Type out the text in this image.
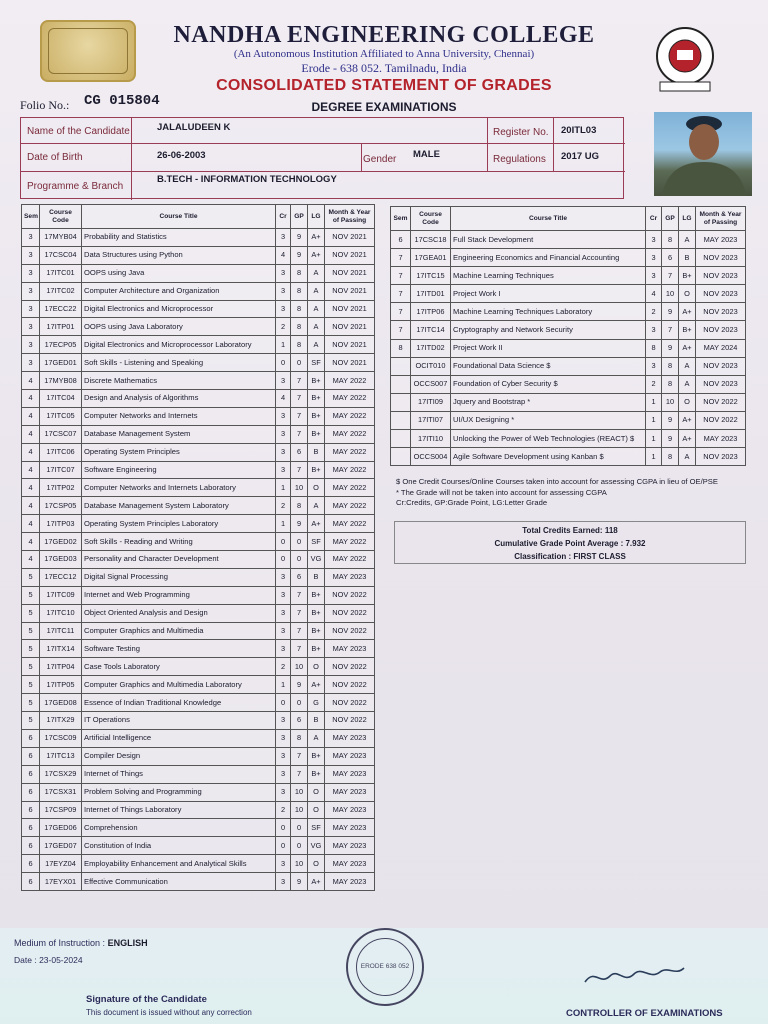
NANDHA ENGINEERING COLLEGE
(An Autonomous Institution Affiliated to Anna University, Chennai)
Erode - 638 052. Tamilnadu, India
CONSOLIDATED STATEMENT OF GRADES
Folio No.: CG 015804	DEGREE EXAMINATIONS
Name of the Candidate	JALALUDEEN K	Register No. 20ITL03
Date of Birth	26-06-2003	Gender MALE	Regulations 2017 UG
Programme & Branch
B.TECH - INFORMATION TECHNOLOGY
Sem	Course Code	Course Title	Cr	GP	LG	Month & Year of Passing
3	17MYB04	Probability and Statistics	3	9	A+	NOV 2021
3	17CSC04	Data Structures using Python	4	9	A+	NOV 2021
3	17ITC01	OOPS using Java	3	8	A	NOV 2021
3	17ITC02	Computer Architecture and Organization	3	8	A	NOV 2021
3	17ECC22	Digital Electronics and Microprocessor	3	8	A	NOV 2021
3	17ITP01	OOPS using Java Laboratory	2	8	A	NOV 2021
3	17ECP05	Digital Electronics and Microprocessor Laboratory	1	8	A	NOV 2021
3	17GED01	Soft Skills - Listening and Speaking	0	0	SF	NOV 2021
4	17MYB08	Discrete Mathematics	3	7	B+	MAY 2022
4	17ITC04	Design and Analysis of Algorithms	4	7	B+	MAY 2022
4	17ITC05	Computer Networks and Internets	3	7	B+	MAY 2022
4	17CSC07	Database Management System	3	7	B+	MAY 2022
4	17ITC06	Operating System Principles	3	6	B	MAY 2022
4	17ITC07	Software Engineering	3	7	B+	MAY 2022
4	17ITP02	Computer Networks and Internets Laboratory	1	10	O	MAY 2022
4	17CSP05	Database Management System Laboratory	2	8	A	MAY 2022
4	17ITP03	Operating System Principles Laboratory	1	9	A+	MAY 2022
4	17GED02	Soft Skills - Reading and Writing	0	0	SF	MAY 2022
4	17GED03	Personality and Character Development	0	0	VG	MAY 2022
5	17ECC12	Digital Signal Processing	3	6	B	MAY 2023
5	17ITC09	Internet and Web Programming	3	7	B+	NOV 2022
5	17ITC10	Object Oriented Analysis and Design	3	7	B+	NOV 2022
5	17ITC11	Computer Graphics and Multimedia	3	7	B+	NOV 2022
5	17ITX14	Software Testing	3	7	B+	MAY 2023
5	17ITP04	Case Tools Laboratory	2	10	O	NOV 2022
5	17ITP05	Computer Graphics and Multimedia Laboratory	1	9	A+	NOV 2022
5	17GED08	Essence of Indian Traditional Knowledge	0	0	G	NOV 2022
5	17ITX29	IT Operations	3	6	B	NOV 2022
6	17CSC09	Artificial Intelligence	3	8	A	MAY 2023
6	17ITC13	Compiler Design	3	7	B+	MAY 2023
6	17CSX29	Internet of Things	3	7	B+	MAY 2023
6	17CSX31	Problem Solving and Programming	3	10	O	MAY 2023
6	17CSP09	Internet of Things Laboratory	2	10	O	MAY 2023
6	17GED06	Comprehension	0	0	SF	MAY 2023
6	17GED07	Constitution of India	0	0	VG	MAY 2023
6	17EYZ04	Employability Enhancement and Analytical Skills	3	10	O	MAY 2023
6	17EYX01	Effective Communication	3	9	A+	MAY 2023
Sem	Course Code	Course Title	Cr	GP	LG	Month & Year of Passing
6	17CSC18	Full Stack Development	3	8	A	MAY 2023
7	17GEA01	Engineering Economics and Financial Accounting	3	6	B	NOV 2023
7	17ITC15	Machine Learning Techniques	3	7	B+	NOV 2023
7	17ITD01	Project Work I	4	10	O	NOV 2023
7	17ITP06	Machine Learning Techniques Laboratory	2	9	A+	NOV 2023
7	17ITC14	Cryptography and Network Security	3	7	B+	NOV 2023
8	17ITD02	Project Work II	8	9	A+	MAY 2024
	OCIT010	Foundational Data Science $	3	8	A	NOV 2023
	OCCS007	Foundation of Cyber Security $	2	8	A	NOV 2023
	17ITI09	Jquery and Bootstrap *	1	10	O	NOV 2022
	17ITI07	UI/UX Designing *	1	9	A+	NOV 2022
	17ITI10	Unlocking the Power of Web Technologies (REACT) $	1	9	A+	MAY 2023
	OCCS004	Agile Software Development using Kanban $	1	8	A	NOV 2023
$ One Credit Courses/Online Courses taken into account for assessing CGPA in lieu of OE/PSE
* The Grade will not be taken into account for assessing CGPA
Cr:Credits, GP:Grade Point, LG:Letter Grade
Total Credits Earned: 118
Cumulative Grade Point Average : 7.932
Classification : FIRST CLASS
Medium of Instruction : ENGLISH
Date : 23-05-2024
ERODE 638 052
Signature of the Candidate
This document is issued without any correction	CONTROLLER OF EXAMINATIONS
